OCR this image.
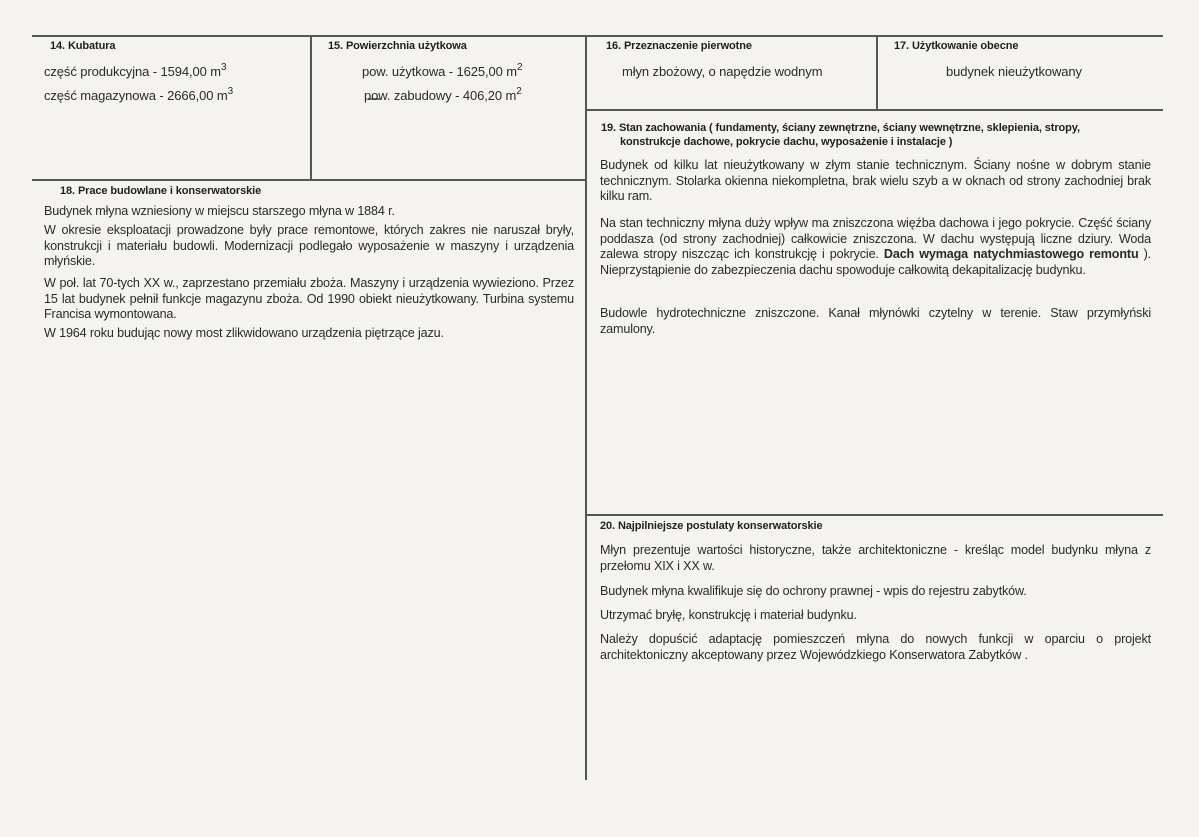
14. Kubatura
część produkcyjna - 1594,00 $m^3$
część magazynowa - 2666,00 $m^3$
15. Powierzchnia użytkowa
pow. użytkowa - 1625,00 $m^2$
pow. zabudowy - 406,20 $m^2$
16. Przeznaczenie pierwotne
młyn zbożowy, o napędzie wodnym
17. Użytkowanie obecne
budynek nieużytkowany
18. Prace budowlane i konserwatorskie
Budynek młyna wzniesiony w miejscu starszego młyna w 1884 r.
W okresie eksploatacji prowadzone były prace remontowe, których zakres nie naruszał bryły, konstrukcji i materiału budowli. Modernizacji podlegało wyposażenie w maszyny i urządzenia młyńskie.
W poł. lat 70-tych XX w., zaprzestano przemiału zboża. Maszyny i urządzenia wywieziono. Przez 15 lat budynek pełnił funkcje magazynu zboża. Od 1990 obiekt nieużytkowany. Turbina systemu Francisa wymontowana.
W 1964 roku budując nowy most zlikwidowano urządzenia piętrzące jazu.
19. Stan zachowania ( fundamenty, ściany zewnętrzne, ściany wewnętrzne, sklepienia, stropy,
konstrukcje dachowe, pokrycie dachu, wyposażenie i instalacje )
Budynek od kilku lat nieużytkowany w złym stanie technicznym. Ściany nośne w dobrym stanie technicznym. Stolarka okienna niekompletna, brak wielu szyb a w oknach od strony zachodniej brak kilku ram.
Na stan techniczny młyna duży wpływ ma zniszczona więźba dachowa i jego pokrycie. Część ściany poddasza (od strony zachodniej) całkowicie zniszczona. W dachu występują liczne dziury. Woda zalewa stropy niszcząc ich konstrukcję i pokrycie. Dach wymaga natychmiastowego remontu ). Nieprzystąpienie do zabezpieczenia dachu spowoduje całkowitą dekapitalizację budynku.
Budowle hydrotechniczne zniszczone. Kanał młynówki czytelny w terenie. Staw przymłyński zamulony.
20. Najpilniejsze postulaty konserwatorskie
Młyn prezentuje wartości historyczne, także architektoniczne - kreśląc model budynku młyna z przełomu XIX i XX w.
Budynek młyna kwalifikuje się do ochrony prawnej - wpis do rejestru zabytków.
Utrzymać bryłę, konstrukcję i materiał budynku.
Należy dopuścić adaptację pomieszczeń młyna do nowych funkcji w oparciu o projekt architektoniczny akceptowany przez Wojewódzkiego Konserwatora Zabytków .
